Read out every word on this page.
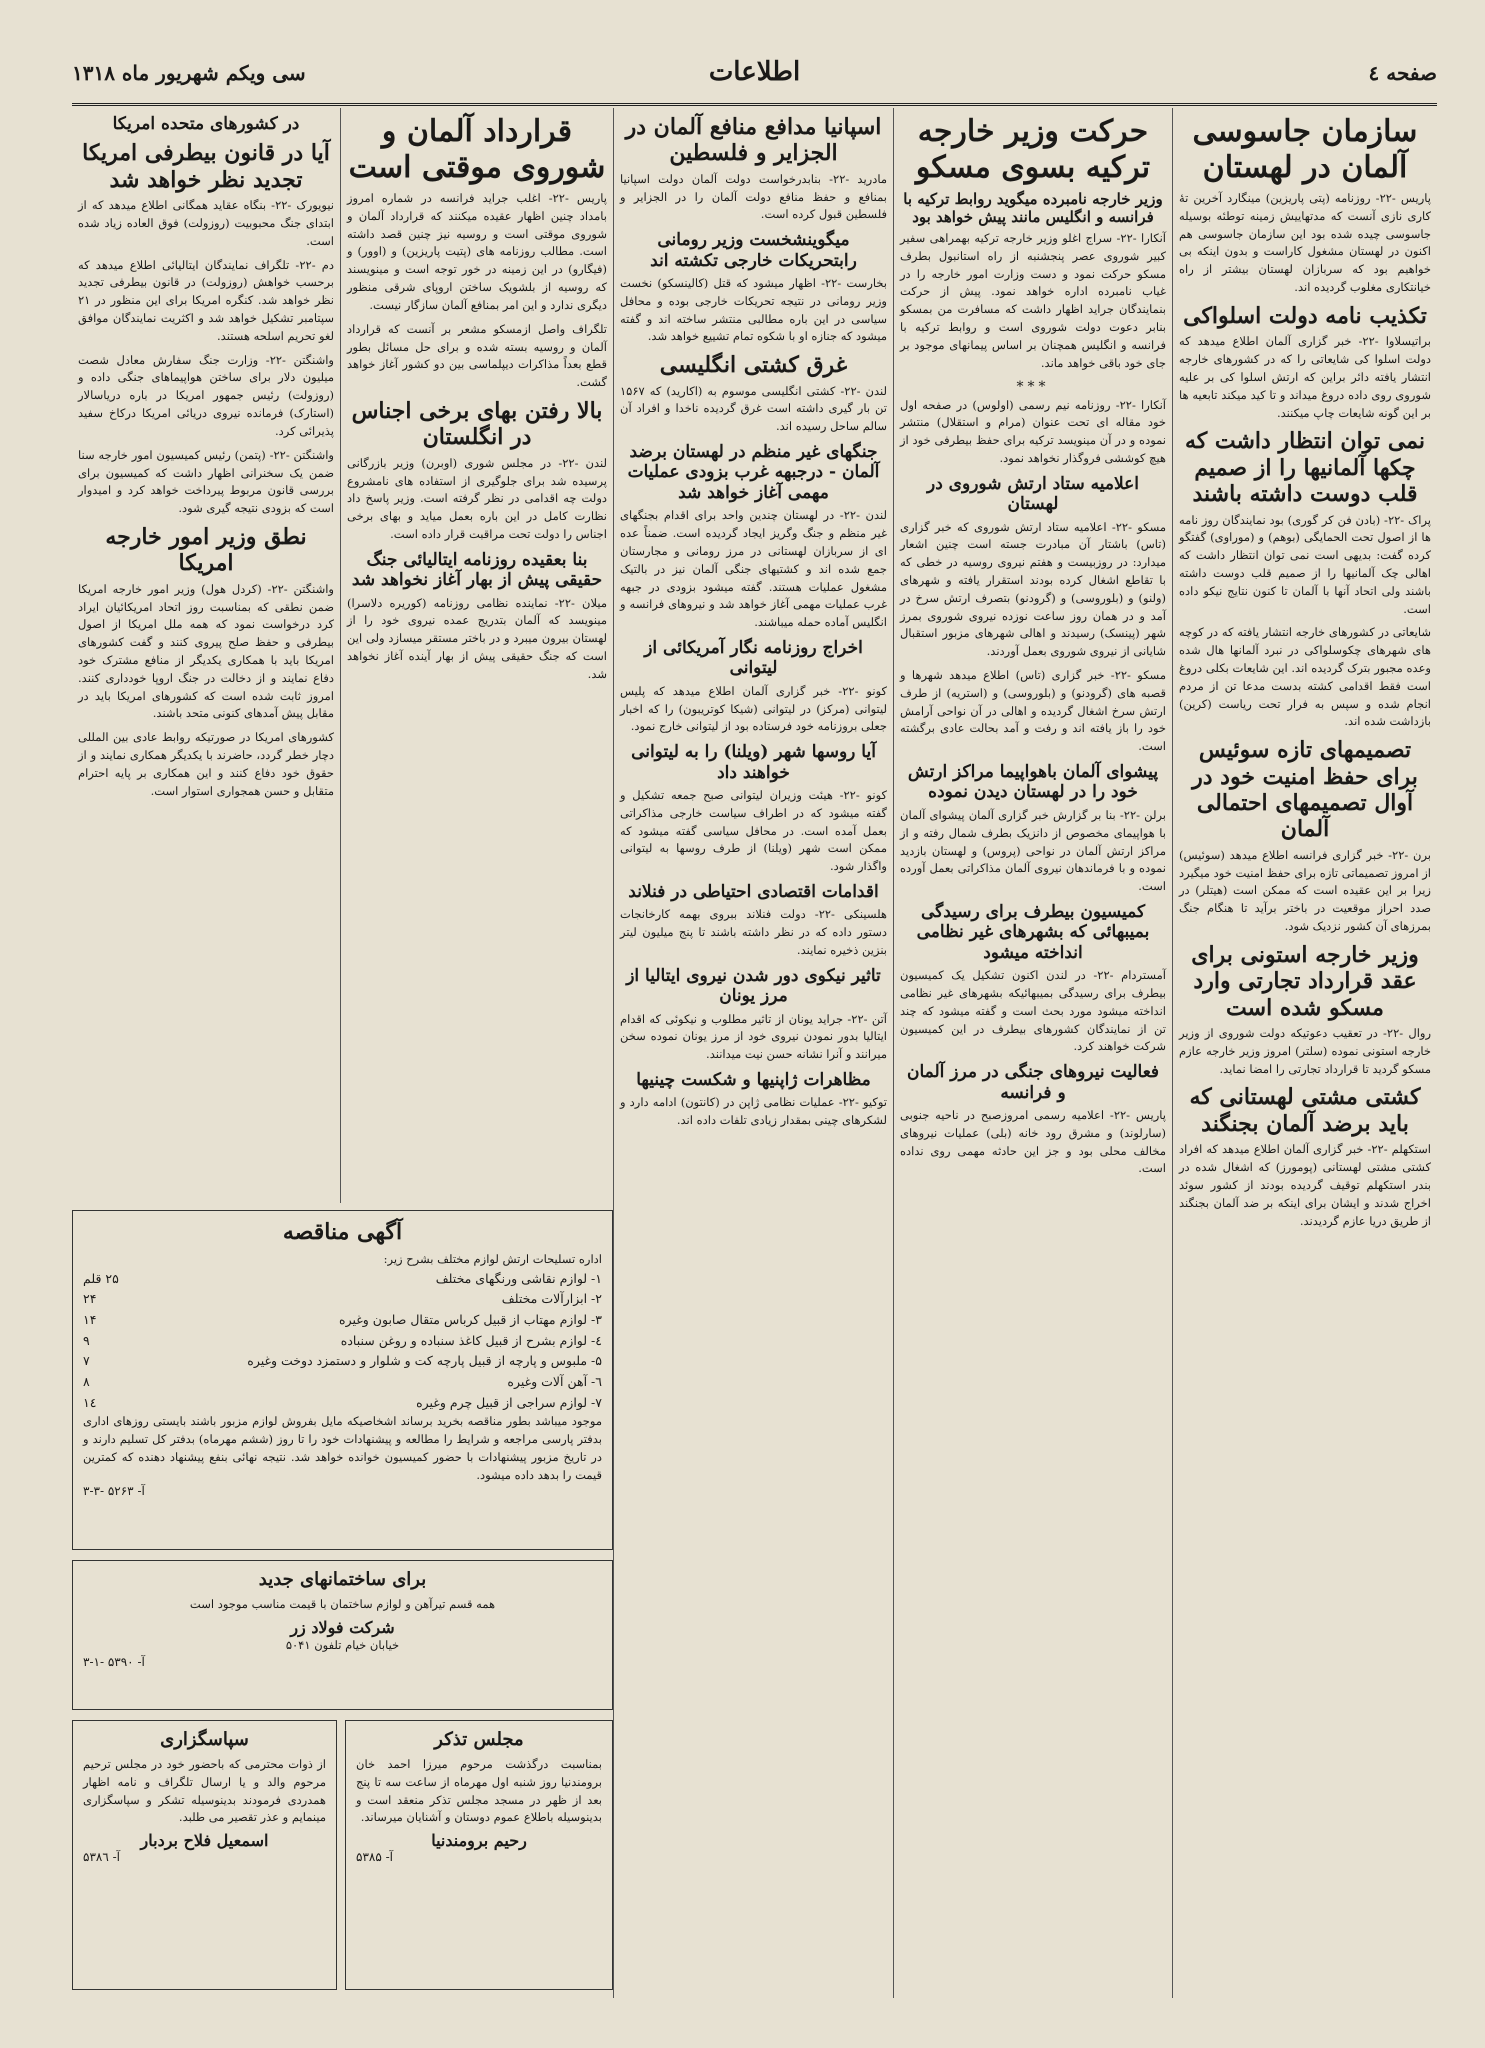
صفحه ٤
اطلاعات
سی ویکم شهریور ماه ۱۳۱۸
سازمان جاسوسی آلمان در لهستان

پاریس -۲۲- روزنامه (پتی پاریزین) مینگارد آخرین تهٔ کاری نازی آنست که مدتهاییش زمینه توطئه بوسیله جاسوسی چیده شده بود این سازمان جاسوسی هم اکنون در لهستان مشغول کاراست و بدون اینکه بی خواهیم بود که سربازان لهستان بیشتر از راه خیانتکاری مغلوب گردیده اند.

تکذیب نامه دولت اسلواکی

براتیسلاوا -۲۲- خبر گزاری آلمان اطلاع میدهد که دولت اسلوا کی شایعاتی را که در کشورهای خارجه انتشار یافته دائر براین که ارتش اسلوا کی بر علیه شوروی روی داده دروغ میداند و تا کید میکند تابعیه ها بر این گونه شایعات چاپ میکنند.

نمی توان انتظار داشت که چکها آلمانیها را از صمیم قلب دوست داشته باشند

پراک -۲۲- (بادن فن کر گوری) بود نمایندگان روز نامه ها از اصول تحت الحمایگی (بوهم) و (موراوی) گفتگو کرده گفت: بدیهی است نمی توان انتظار داشت که اهالی چک آلمانیها را از صمیم قلب دوست داشته باشند ولی اتحاد آنها با آلمان تا کنون نتایج نیکو داده است.

شایعاتی در کشورهای خارجه انتشار یافته که در کوچه های شهرهای چکوسلواکی در نبرد آلمانها هال شده وعده مجبور بترک گردیده اند. این شایعات بکلی دروغ است فقط اقدامی کشته بدست مدعا تن از مردم انجام شده و سپس به فرار تحت ریاست (کرین) بازداشت شده اند.

تصمیمهای تازه سوئیس برای حفظ امنیت خود در آوال تصمیمهای احتمالی آلمان

برن -۲۲- خبر گزاری فرانسه اطلاع میدهد (سوئیس) از امروز تصمیماتی تازه برای حفظ امنیت خود میگیرد زیرا بر این عقیده است که ممکن است (هیتلر) در صدد احراز موقعیت در باختر برآید تا هنگام جنگ بمرزهای آن کشور نزدیک شود.

وزیر خارجه استونی برای عقد قرارداد تجارتی وارد مسکو شده است

روال -۲۲- در تعقیب دعوتیکه دولت شوروی از وزیر خارجه استونی نموده (سلتر) امروز وزیر خارجه عازم مسکو گردید تا قرارداد تجارتی را امضا نماید.

کشتی مشتی لهستانی که باید برضد آلمان بجنگند

استکهلم -۲۲- خبر گزاری آلمان اطلاع میدهد که افراد کشتی مشتی لهستانی (پومورز) که اشغال شده در بندر استکهلم توقیف گردیده بودند از کشور سوئد اخراج شدند و ایشان برای اینکه بر ضد آلمان بجنگند از طریق دریا عازم گردیدند.

حرکت وزیر خارجه ترکیه بسوی مسکو
وزیر خارجه نامبرده میگوید روابط ترکیه با فرانسه و انگلیس مانند پیش خواهد بود

آنکارا -۲۲- سراج اغلو وزیر خارجه ترکیه بهمراهی سفیر کبیر شوروی عصر پنجشنبه از راه استانبول بطرف مسکو حرکت نمود و دست وزارت امور خارجه را در غیاب نامبرده اداره خواهد نمود. پیش از حرکت بنمایندگان جراید اظهار داشت که مسافرت من بمسکو بنابر دعوت دولت شوروی است و روابط ترکیه با فرانسه و انگلیس همچنان بر اساس پیمانهای موجود بر جای خود باقی خواهد ماند.

***

آنکارا -۲۲- روزنامه نیم رسمی (اولوس) در صفحه اول خود مقاله ای تحت عنوان (مرام و استقلال) منتشر نموده و در آن مینویسد ترکیه برای حفظ بیطرفی خود از هیچ کوششی فروگذار نخواهد نمود.

اعلامیه ستاد ارتش شوروی در لهستان

مسکو -۲۲- اعلامیه ستاد ارتش شوروی که خبر گزاری (تاس) باشتار آن مبادرت جسته است چنین اشعار میدارد: در روزبیست و هفتم نیروی روسیه در خطی که با تقاطع اشغال کرده بودند استقرار یافته و شهرهای (ولنو) و (بلوروسی) و (گرودنو) بتصرف ارتش سرخ در آمد و در همان روز ساعت نوزده نیروی شوروی بمرز شهر (پینسک) رسیدند و اهالی شهرهای مزبور استقبال شایانی از نیروی شوروی بعمل آوردند.

مسکو -۲۲- خبر گزاری (تاس) اطلاع میدهد شهرها و قصبه های (گرودنو) و (بلوروسی) و (استریه) از طرف ارتش سرخ اشغال گردیده و اهالی در آن نواحی آرامش خود را باز یافته اند و رفت و آمد بحالت عادی برگشته است.

پیشوای آلمان باهواپیما مراکز ارتش خود را در لهستان دیدن نموده

برلن -۲۲- بنا بر گزارش خبر گزاری آلمان پیشوای آلمان با هواپیمای مخصوص از دانزیک بطرف شمال رفته و از مراکز ارتش آلمان در نواحی (پروس) و لهستان بازدید نموده و با فرماندهان نیروی آلمان مذاکراتی بعمل آورده است.

کمیسیون بیطرف برای رسیدگی بمیبهائی که بشهرهای غیر نظامی انداخته میشود

آمستردام -۲۲- در لندن اکنون تشکیل یک کمیسیون بیطرف برای رسیدگی بمیبهائیکه بشهرهای غیر نظامی انداخته میشود مورد بحث است و گفته میشود که چند تن از نمایندگان کشورهای بیطرف در این کمیسیون شرکت خواهند کرد.

فعالیت نیروهای جنگی در مرز آلمان و فرانسه

پاریس -۲۲- اعلامیه رسمی امروزصبح در ناحیه جنوبی (سارلوند) و مشرق رود خانه (بلی) عملیات نیروهای مخالف محلی بود و جز این حادثه مهمی روی نداده است.

اسپانیا مدافع منافع آلمان در الجزایر و فلسطین

مادرید -۲۲- بنابدرخواست دولت آلمان دولت اسپانیا بمنافع و حفظ منافع دولت آلمان را در الجزایر و فلسطین قبول کرده است.

میگوینشخست وزیر رومانی رابتحریکات خارجی تکشته اند

بخارست -۲۲- اظهار میشود که قتل (کالینسکو) نخست وزیر رومانی در نتیجه تحریکات خارجی بوده و محافل سیاسی در این باره مطالبی منتشر ساخته اند و گفته میشود که جنازه او با شکوه تمام تشییع خواهد شد.

غرق کشتی انگلیسی

لندن -۲۲- کشتی انگلیسی موسوم به (اکارید) که ۱۵۶۷ تن بار گیری داشته است غرق گردیده ناخدا و افراد آن سالم ساحل رسیده اند.

جنگهای غیر منظم در لهستان برضد آلمان - درجبهه غرب بزودی عملیات مهمی آغاز خواهد شد

لندن -۲۲- در لهستان چندین واحد برای اقدام بجنگهای غیر منظم و جنگ وگریز ایجاد گردیده است. ضمناً عده ای از سربازان لهستانی در مرز رومانی و مجارستان جمع شده اند و کشتیهای جنگی آلمان نیز در بالتیک مشغول عملیات هستند. گفته میشود بزودی در جبهه غرب عملیات مهمی آغاز خواهد شد و نیروهای فرانسه و انگلیس آماده حمله میباشند.

اخراج روزنامه نگار آمریکائی از لیتوانی

کونو -۲۲- خبر گزاری آلمان اطلاع میدهد که پلیس لیتوانی (مرکز) در لیتوانی (شیکا کوتریبون) را که اخبار جعلی بروزنامه خود فرستاده بود از لیتوانی خارج نمود.

آیا روسها شهر (ویلنا) را به لیتوانی خواهند داد

کونو -۲۲- هیئت وزیران لیتوانی صبح جمعه تشکیل و گفته میشود که در اطراف سیاست خارجی مذاکراتی بعمل آمده است. در محافل سیاسی گفته میشود که ممکن است شهر (ویلنا) از طرف روسها به لیتوانی واگذار شود.

اقدامات اقتصادی احتیاطی در فنلاند

هلسینکی -۲۲- دولت فنلاند ببروی بهمه کارخانجات دستور داده که در نظر داشته باشند تا پنج میلیون لیتر بنزین ذخیره نمایند.

تاثیر نیکوی دور شدن نیروی ایتالیا از مرز یونان

آتن -۲۲- جراید یونان از تاثیر مطلوب و نیکوئی که اقدام ایتالیا بدور نمودن نیروی خود از مرز یونان نموده سخن میرانند و آنرا نشانه حسن نیت میدانند.

مظاهرات ژاپنیها و شکست چینیها

توکیو -۲۲- عملیات نظامی ژاپن در (کانتون) ادامه دارد و لشکرهای چینی بمقدار زیادی تلفات داده اند.

قرارداد آلمان و شوروی موقتی است

پاریس -۲۲- اغلب جراید فرانسه در شماره امروز بامداد چنین اظهار عقیده میکنند که قرارداد آلمان و شوروی موقتی است و روسیه نیز چنین قصد داشته است. مطالب روزنامه های (پتیت پاریزین) و (اوور) و (فیگارو) در این زمینه در خور توجه است و مینویسند که روسیه از بلشویک ساختن اروپای شرقی منظور دیگری ندارد و این امر بمنافع آلمان سازگار نیست.

تلگراف واصل ازمسکو مشعر بر آنست که قرارداد آلمان و روسیه بسته شده و برای حل مسائل بطور قطع بعداً مذاکرات دیپلماسی بین دو کشور آغاز خواهد گشت.

بالا رفتن بهای برخی اجناس در انگلستان

لندن -۲۲- در مجلس شوری (اوبرن) وزیر بازرگانی پرسیده شد برای جلوگیری از استفاده های نامشروع دولت چه اقدامی در نظر گرفته است. وزیر پاسخ داد نظارت کامل در این باره بعمل میاید و بهای برخی اجناس را دولت تحت مراقبت قرار داده است.

بنا بعقیده روزنامه ایتالیائی جنگ حقیقی پیش از بهار آغاز نخواهد شد

میلان -۲۲- نماینده نظامی روزنامه (کوریره دلاسرا) مینویسد که آلمان بتدریج عمده نیروی خود را از لهستان بیرون میبرد و در باختر مستقر میسازد ولی این است که جنگ حقیقی پیش از بهار آینده آغاز نخواهد شد.

در کشورهای متحده امریکا
آیا در قانون بیطرفی امریکا تجدید نظر خواهد شد

نیویورک -۲۲- بنگاه عقاید همگانی اطلاع میدهد که از ابتدای جنگ محبوبیت (روزولت) فوق العاده زیاد شده است.

دم -۲۲- تلگراف نمایندگان ایتالیائی اطلاع میدهد که برحسب خواهش (روزولت) در قانون بیطرفی تجدید نظر خواهد شد. کنگره امریکا برای این منظور در ۲۱ سپتامبر تشکیل خواهد شد و اکثریت نمایندگان موافق لغو تحریم اسلحه هستند.

واشنگتن -۲۲- وزارت جنگ سفارش معادل شصت میلیون دلار برای ساختن هواپیماهای جنگی داده و (روزولت) رئیس جمهور امریکا در باره دریاسالار (استارک) فرمانده نیروی دریائی امریکا درکاخ سفید پذیرائی کرد.

واشنگتن -۲۲- (پتمن) رئیس کمیسیون امور خارجه سنا ضمن یک سخنرانی اظهار داشت که کمیسیون برای بررسی قانون مربوط پیرداخت خواهد کرد و امیدوار است که بزودی نتیجه گیری شود.

نطق وزیر امور خارجه امریکا

واشنگتن -۲۲- (کردل هول) وزیر امور خارجه امریکا ضمن نطقی که بمناسبت روز اتحاد امریکائیان ایراد کرد درخواست نمود که همه ملل امریکا از اصول بیطرفی و حفظ صلح پیروی کنند و گفت کشورهای امریکا باید با همکاری یکدیگر از منافع مشترک خود دفاع نمایند و از دخالت در جنگ اروپا خودداری کنند. امروز ثابت شده است که کشورهای امریکا باید در مقابل پیش آمدهای کنونی متحد باشند.

کشورهای امریکا در صورتیکه روابط عادی بین المللی دچار خطر گردد، حاضرند با یکدیگر همکاری نمایند و از حقوق خود دفاع کنند و این همکاری بر پایه احترام متقابل و حسن همجواری استوار است.

آگهی مناقصه
اداره تسلیحات ارتش لوازم مختلف بشرح زیر:
۱- لوازم نقاشی ورنگهای مختلف
۲۵ قلم
۲- ابزارآلات مختلف
۲۴
۳- لوازم مهتاب از قبیل کرباس متقال صابون وغیره
۱۴
٤- لوازم بشرح از قبیل کاغذ سنباده و روغن سنباده
۹
۵- ملبوس و پارچه از قبیل پارچه کت و شلوار و دستمزد دوخت وغیره
۷
٦- آهن آلات وغیره
۸
۷- لوازم سراجی از قبیل چرم وغیره
۱٤
موجود میباشد بطور مناقصه بخرید برساند اشخاصیکه مایل بفروش لوازم مزبور باشند بایستی روزهای اداری بدفتر پارسی مراجعه و شرایط را مطالعه و پیشنهادات خود را تا روز (ششم مهرماه) بدفتر کل تسلیم دارند و در تاریخ مزبور پیشنهادات با حضور کمیسیون خوانده خواهد شد. نتیجه نهائی بنفع پیشنهاد دهنده که کمترین قیمت را بدهد داده میشود.
آ- ۵۲۶۳ -۳-۳
برای ساختمانهای جدید
همه قسم تیرآهن و لوازم ساختمان با قیمت مناسب موجود است
شرکت فولاد زر
خیابان خیام تلفون ۵۰۴۱
آ- ۵۳۹۰ -۱-۳
سپاسگزاری
از ذوات محترمی که باحضور خود در مجلس ترحیم مرحوم والد و یا ارسال تلگراف و نامه اظهار همدردی فرمودند بدینوسیله تشکر و سپاسگزاری مینمایم و عذر تقصیر می طلبد.
اسمعیل فلاح بردبار
آ- ۵۳۸٦
مجلس تذکر
بمناسبت درگذشت مرحوم میرزا احمد خان برومندنیا روز شنبه اول مهرماه از ساعت سه تا پنج بعد از ظهر در مسجد مجلس تذکر منعقد است و بدینوسیله باطلاع عموم دوستان و آشنایان میرساند.
رحیم برومندنیا
آ- ۵۳۸۵
